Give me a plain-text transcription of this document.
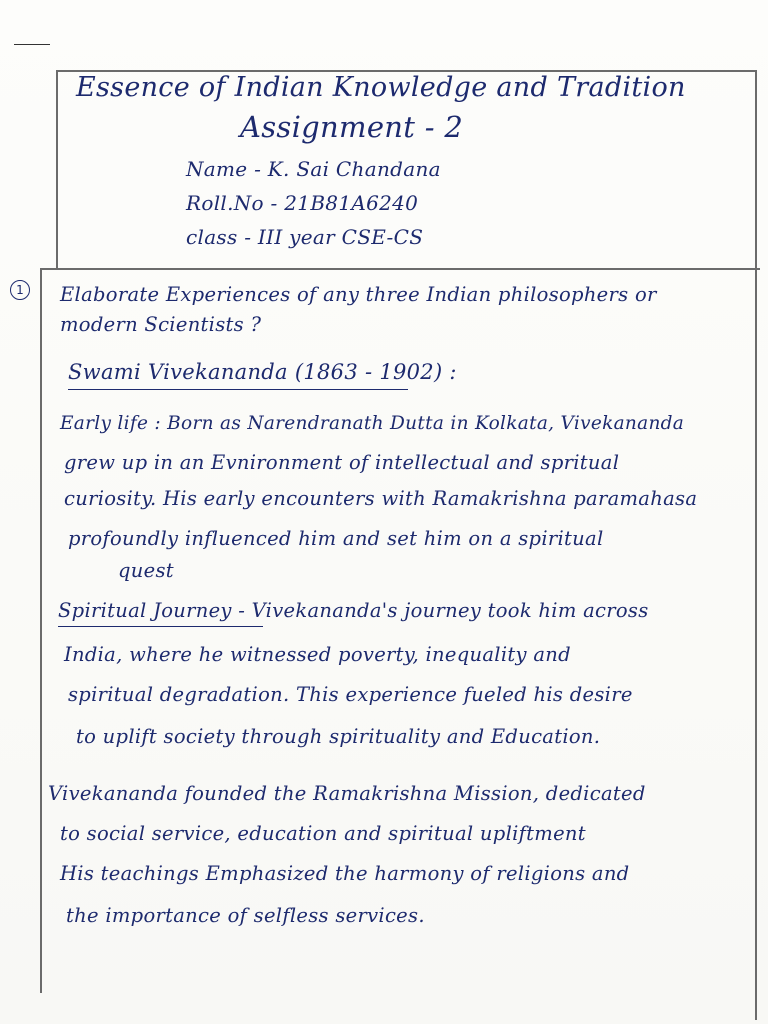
Essence of Indian Knowledge and Tradition
Assignment - 2
Name - K. Sai Chandana
Roll.No - 21B81A6240
class - III year CSE-CS
1	Elaborate Experiences of any three Indian philosophers or
modern Scientists ?
Swami Vivekananda (1863 - 1902) :
Early life : Born as Narendranath Dutta in Kolkata, Vivekananda
grew up in an Evnironment of intellectual and spritual
curiosity. His early encounters with Ramakrishna paramahasa
profoundly influenced him and set him on a spiritual
quest
Spiritual Journey - Vivekananda's journey took him across
India, where he witnessed poverty, inequality and
spiritual degradation. This experience fueled his desire
to uplift society through spirituality and Education.
Vivekananda founded the Ramakrishna Mission, dedicated
to social service, education and spiritual upliftment
His teachings Emphasized the harmony of religions and
the importance of selfless services.
